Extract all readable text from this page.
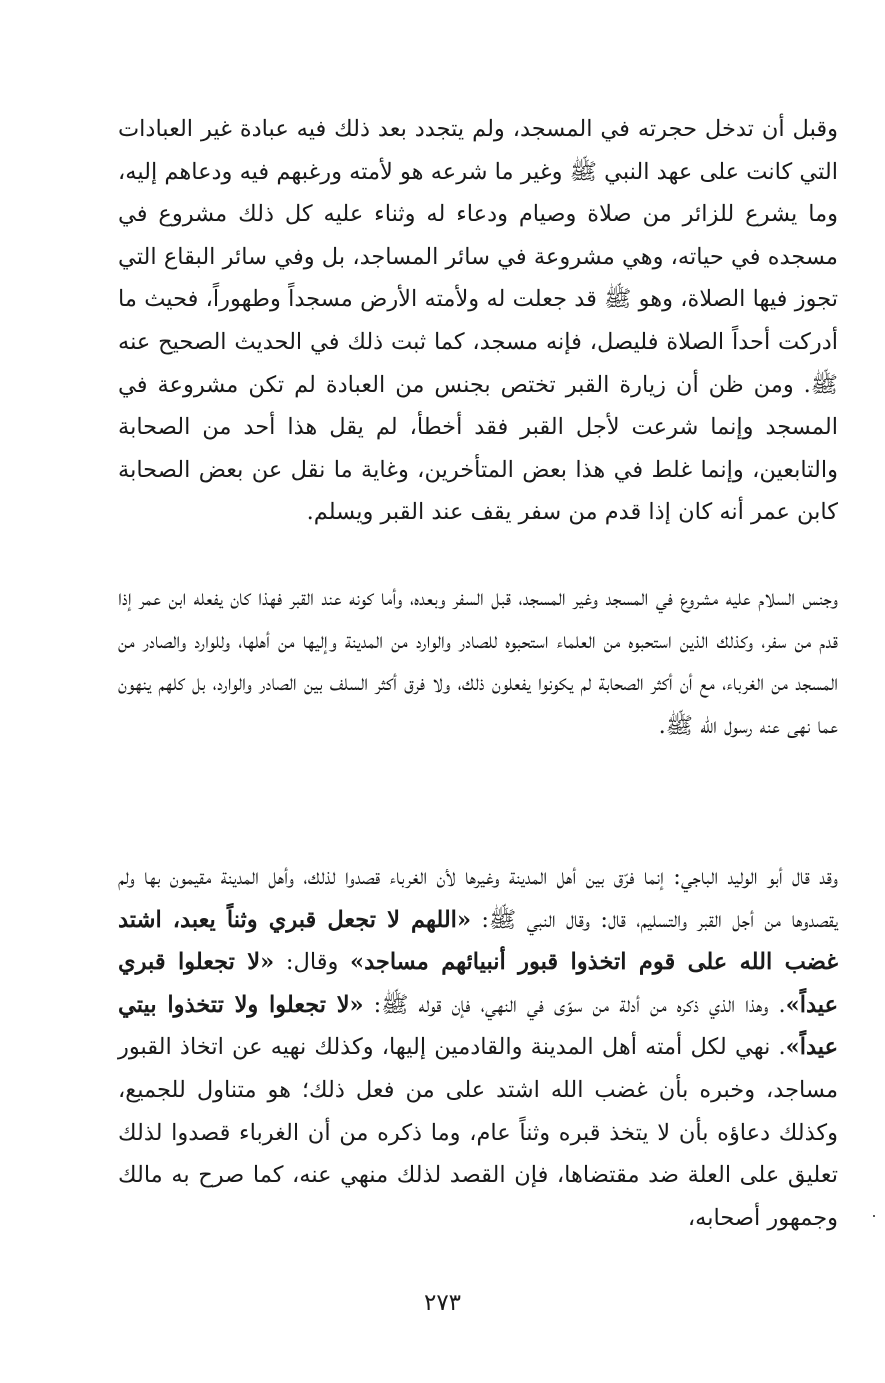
وقبل أن تدخل حجرته في المسجد، ولم يتجدد بعد ذلك فيه عبادة غير العبادات التي كانت على عهد النبي ﷺ وغير ما شرعه هو لأمته ورغبهم فيه ودعاهم إليه، وما يشرع للزائر من صلاة وصيام ودعاء له وثناء عليه كل ذلك مشروع في مسجده في حياته، وهي مشروعة في سائر المساجد، بل وفي سائر البقاع التي تجوز فيها الصلاة، وهو ﷺ قد جعلت له ولأمته الأرض مسجداً وطهوراً، فحيث ما أدركت أحداً الصلاة فليصل، فإنه مسجد، كما ثبت ذلك في الحديث الصحيح عنه ﷺ. ومن ظن أن زيارة القبر تختص بجنس من العبادة لم تكن مشروعة في المسجد وإنما شرعت لأجل القبر فقد أخطأ، لم يقل هذا أحد من الصحابة والتابعين، وإنما غلط في هذا بعض المتأخرين، وغاية ما نقل عن بعض الصحابة كابن عمر أنه كان إذا قدم من سفر يقف عند القبر ويسلم.

وجنس السلام عليه مشروع في المسجد وغير المسجد، قبل السفر وبعده، وأما كونه عند القبر فهذا كان يفعله ابن عمر إذا قدم من سفر، وكذلك الذين استحبوه من العلماء استحبوه للصادر والوارد من المدينة وإليها من أهلها، وللوارد والصادر من المسجد من الغرباء، مع أن أكثر الصحابة لم يكونوا يفعلون ذلك، ولا فرق أكثر السلف بين الصادر والوارد، بل كلهم ينهون عما نهى عنه رسول الله ﷺ.

وقد قال أبو الوليد الباجي: إنما فرّق بين أهل المدينة وغيرها لأن الغرباء قصدوا لذلك، وأهل المدينة مقيمون بها ولم يقصدوها من أجل القبر والتسليم، قال: وقال النبي ﷺ: «اللهم لا تجعل قبري وثناً يعبد، اشتد غضب الله على قوم اتخذوا قبور أنبيائهم مساجد» وقال: «لا تجعلوا قبري عيداً». وهذا الذي ذكره من أدلة من سوّى في النهي، فإن قوله ﷺ: «لا تجعلوا ولا تتخذوا بيتي عيداً». نهي لكل أمته أهل المدينة والقادمين إليها، وكذلك نهيه عن اتخاذ القبور مساجد، وخبره بأن غضب الله اشتد على من فعل ذلك؛ هو متناول للجميع، وكذلك دعاؤه بأن لا يتخذ قبره وثناً عام، وما ذكره من أن الغرباء قصدوا لذلك تعليق على العلة ضد مقتضاها، فإن القصد لذلك منهي عنه، كما صرح به مالك وجمهور أصحابه،

٢٧٣
